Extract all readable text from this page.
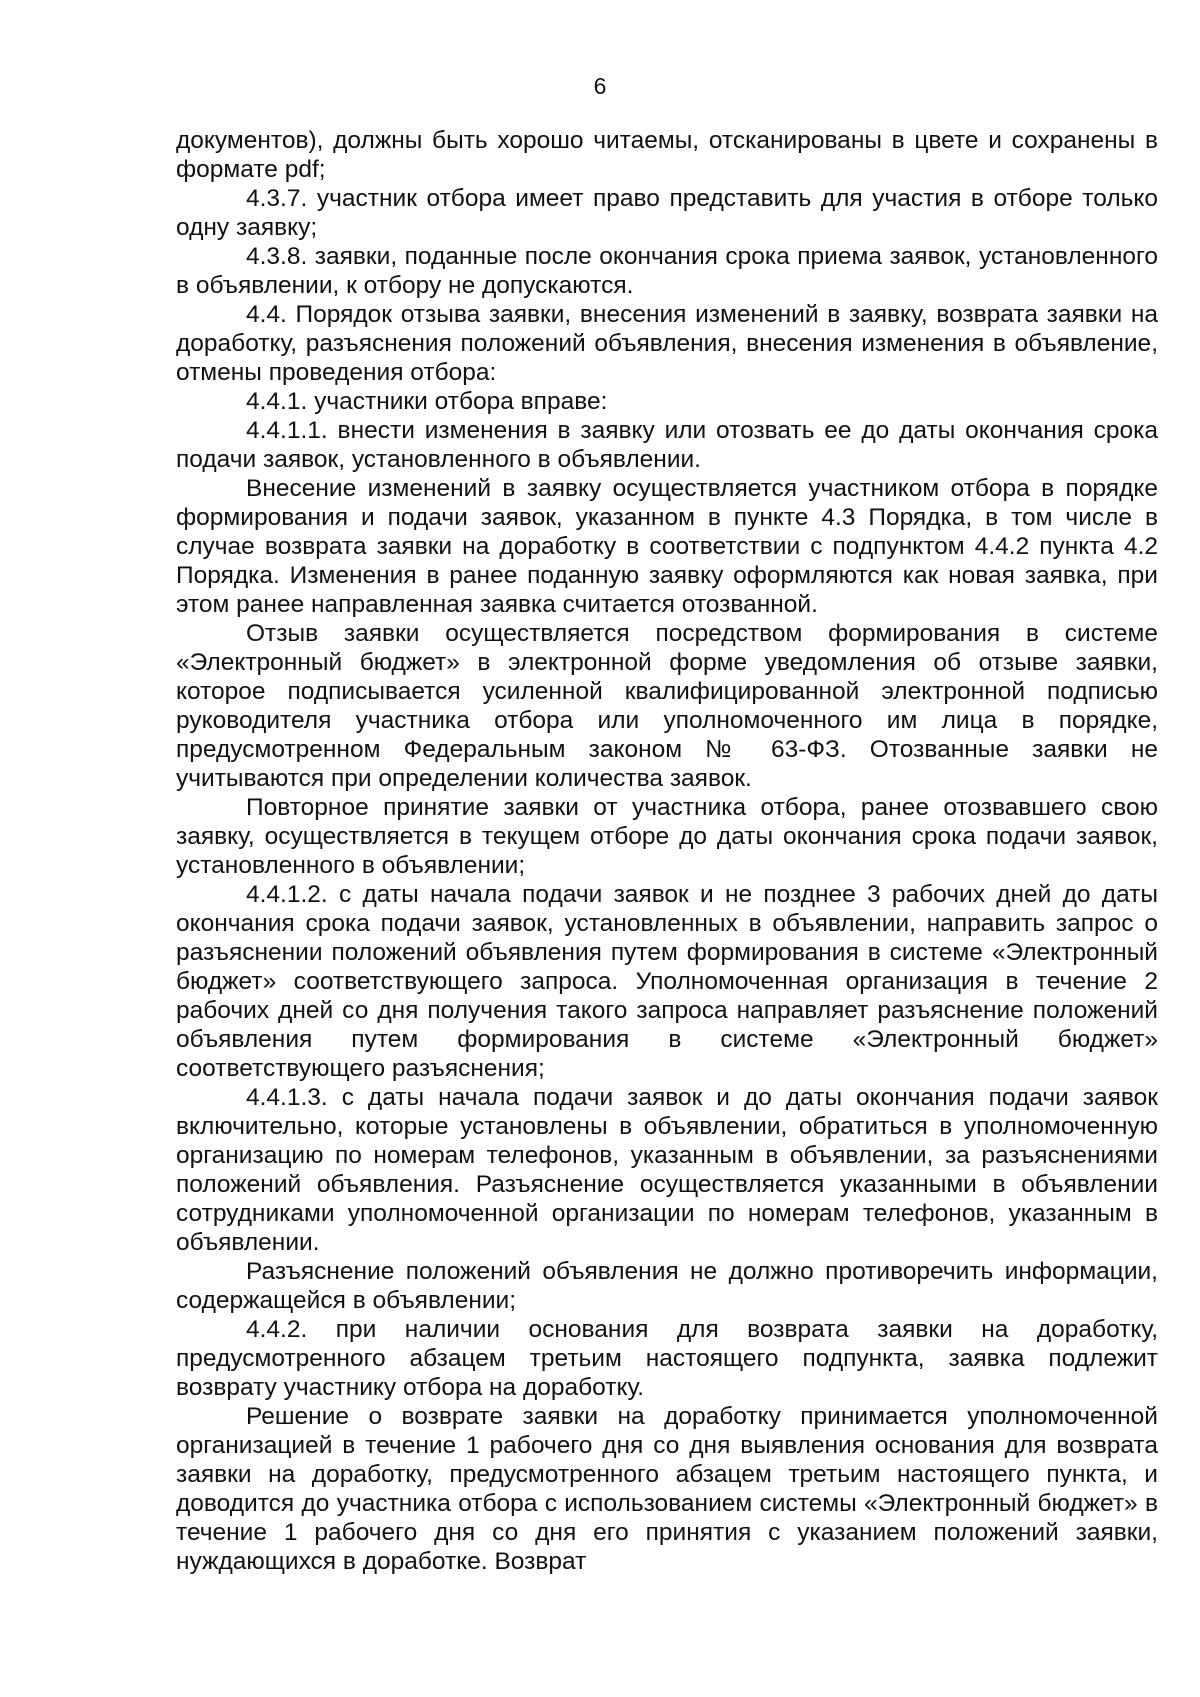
6

документов), должны быть хорошо читаемы, отсканированы в цвете и сохранены в формате pdf;

4.3.7. участник отбора имеет право представить для участия в отборе только одну заявку;

4.3.8. заявки, поданные после окончания срока приема заявок, установленного в объявлении, к отбору не допускаются.

4.4. Порядок отзыва заявки, внесения изменений в заявку, возврата заявки на доработку, разъяснения положений объявления, внесения изменения в объявление, отмены проведения отбора:

4.4.1. участники отбора вправе:

4.4.1.1. внести изменения в заявку или отозвать ее до даты окончания срока подачи заявок, установленного в объявлении.

Внесение изменений в заявку осуществляется участником отбора в порядке формирования и подачи заявок, указанном в пункте 4.3 Порядка, в том числе в случае возврата заявки на доработку в соответствии с подпунктом 4.4.2 пункта 4.2 Порядка. Изменения в ранее поданную заявку оформляются как новая заявка, при этом ранее направленная заявка считается отозванной.

Отзыв заявки осуществляется посредством формирования в системе «Электронный бюджет» в электронной форме уведомления об отзыве заявки, которое подписывается усиленной квалифицированной электронной подписью руководителя участника отбора или уполномоченного им лица в порядке, предусмотренном Федеральным законом № 63-ФЗ. Отозванные заявки не учитываются при определении количества заявок.

Повторное принятие заявки от участника отбора, ранее отозвавшего свою заявку, осуществляется в текущем отборе до даты окончания срока подачи заявок, установленного в объявлении;

4.4.1.2. с даты начала подачи заявок и не позднее 3 рабочих дней до даты окончания срока подачи заявок, установленных в объявлении, направить запрос о разъяснении положений объявления путем формирования в системе «Электронный бюджет» соответствующего запроса. Уполномоченная организация в течение 2 рабочих дней со дня получения такого запроса направляет разъяснение положений объявления путем формирования в системе «Электронный бюджет» соответствующего разъяснения;

4.4.1.3. с даты начала подачи заявок и до даты окончания подачи заявок включительно, которые установлены в объявлении, обратиться в уполномоченную организацию по номерам телефонов, указанным в объявлении, за разъяснениями положений объявления. Разъяснение осуществляется указанными в объявлении сотрудниками уполномоченной организации по номерам телефонов, указанным в объявлении.

Разъяснение положений объявления не должно противоречить информации, содержащейся в объявлении;

4.4.2. при наличии основания для возврата заявки на доработку, предусмотренного абзацем третьим настоящего подпункта, заявка подлежит возврату участнику отбора на доработку.

Решение о возврате заявки на доработку принимается уполномоченной организацией в течение 1 рабочего дня со дня выявления основания для возврата заявки на доработку, предусмотренного абзацем третьим настоящего пункта, и доводится до участника отбора с использованием системы «Электронный бюджет» в течение 1 рабочего дня со дня его принятия с указанием положений заявки, нуждающихся в доработке. Возврат
